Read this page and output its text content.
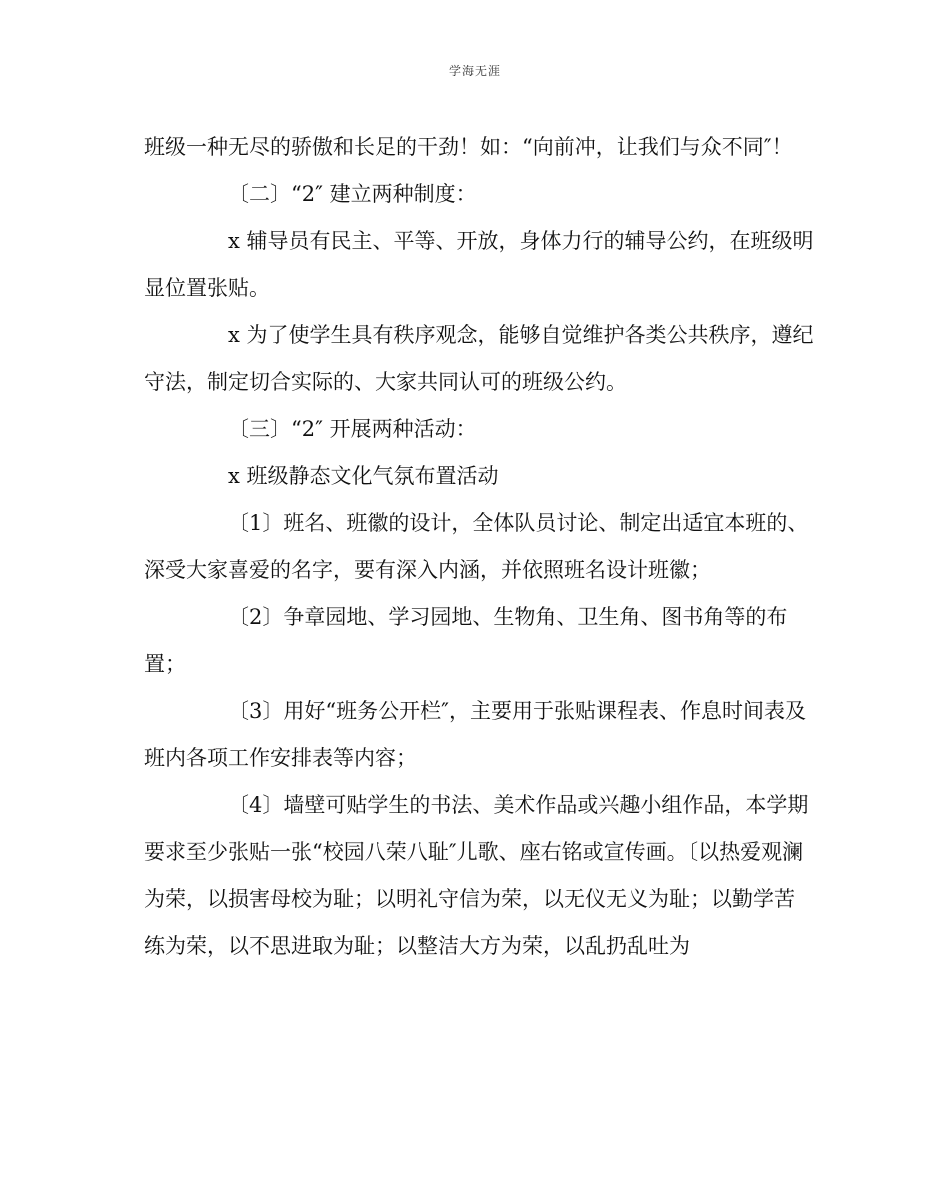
学海无涯

班级一种无尽的骄傲和长足的干劲！如：“向前冲，让我们与众不同″！

〔二〕“2″ 建立两种制度：

x 辅导员有民主、平等、开放，身体力行的辅导公约，在班级明显位置张贴。

x 为了使学生具有秩序观念，能够自觉维护各类公共秩序，遵纪守法，制定切合实际的、大家共同认可的班级公约。

〔三〕“2″ 开展两种活动：

x 班级静态文化气氛布置活动

〔1〕班名、班徽的设计，全体队员讨论、制定出适宜本班的、深受大家喜爱的名字，要有深入内涵，并依照班名设计班徽；

〔2〕争章园地、学习园地、生物角、卫生角、图书角等的布置；

〔3〕用好“班务公开栏″，主要用于张贴课程表、作息时间表及班内各项工作安排表等内容；

〔4〕墙壁可贴学生的书法、美术作品或兴趣小组作品，本学期要求至少张贴一张“校园八荣八耻″儿歌、座右铭或宣传画。〔以热爱观澜为荣，以损害母校为耻；以明礼守信为荣，以无仪无义为耻；以勤学苦练为荣，以不思进取为耻；以整洁大方为荣，以乱扔乱吐为
